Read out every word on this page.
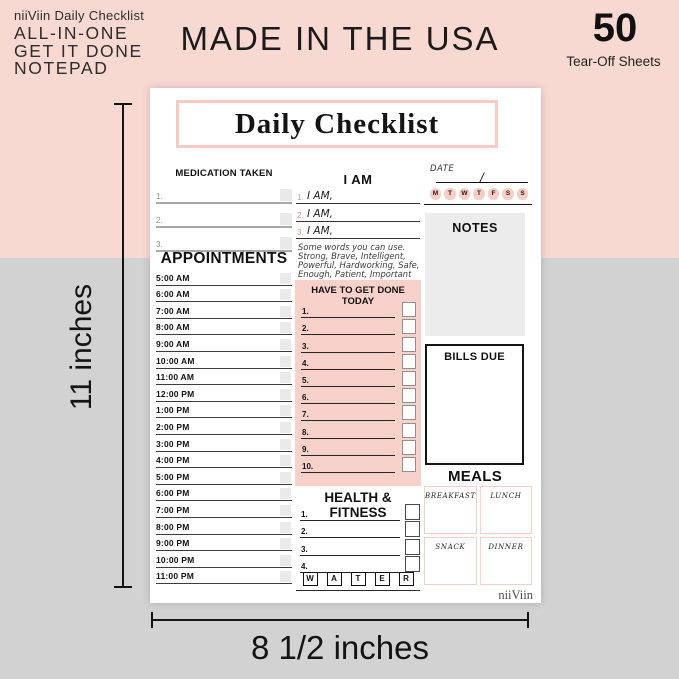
niiViin Daily Checklist
ALL-IN-ONE
GET IT DONE
NOTEPAD
MADE IN THE USA	50
Tear-Off Sheets
11 inches
8 1/2 inches
Daily Checklist
MEDICATION TAKEN
1.
2.
3.
APPOINTMENTS
5:00 AM
6:00 AM
7:00 AM
8:00 AM
9:00 AM
10:00 AM
11:00 AM
12:00 PM
1:00 PM
2:00 PM
3:00 PM
4:00 PM
5:00 PM
6:00 PM
7:00 PM
8:00 PM
9:00 PM
10:00 PM
11:00 PM
I AM
1. I AM,
2. I AM,
3. I AM,
Some words you can use.
Strong, Brave, Intelligent,
Powerful, Hardworking, Safe,
Enough, Patient, Important
HAVE TO GET DONE TODAY
1.
2.
3.
4.
5.
6.
7.
8.
9.
10.
HEALTH & FITNESS
1.
2.
3.
4.
W	A	T	E	R
DATE
/
M	T	W	T	F	S	S
NOTES
BILLS DUE
MEALS
BREAKFAST	LUNCH
SNACK	DINNER
niiViin
